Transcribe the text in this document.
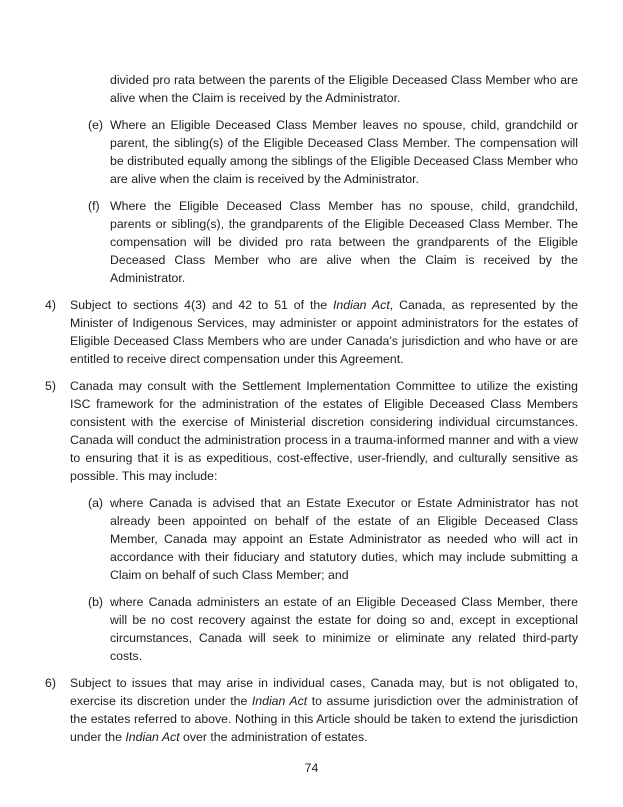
divided pro rata between the parents of the Eligible Deceased Class Member who are alive when the Claim is received by the Administrator.

(e) Where an Eligible Deceased Class Member leaves no spouse, child, grandchild or parent, the sibling(s) of the Eligible Deceased Class Member. The compensation will be distributed equally among the siblings of the Eligible Deceased Class Member who are alive when the claim is received by the Administrator.

(f) Where the Eligible Deceased Class Member has no spouse, child, grandchild, parents or sibling(s), the grandparents of the Eligible Deceased Class Member. The compensation will be divided pro rata between the grandparents of the Eligible Deceased Class Member who are alive when the Claim is received by the Administrator.

4)	Subject to sections 4(3) and 42 to 51 of the Indian Act, Canada, as represented by the Minister of Indigenous Services, may administer or appoint administrators for the estates of Eligible Deceased Class Members who are under Canada’s jurisdiction and who have or are entitled to receive direct compensation under this Agreement.

5)	Canada may consult with the Settlement Implementation Committee to utilize the existing ISC framework for the administration of the estates of Eligible Deceased Class Members consistent with the exercise of Ministerial discretion considering individual circumstances. Canada will conduct the administration process in a trauma-informed manner and with a view to ensuring that it is as expeditious, cost-effective, user-friendly, and culturally sensitive as possible. This may include:

(a) where Canada is advised that an Estate Executor or Estate Administrator has not already been appointed on behalf of the estate of an Eligible Deceased Class Member, Canada may appoint an Estate Administrator as needed who will act in accordance with their fiduciary and statutory duties, which may include submitting a Claim on behalf of such Class Member; and

(b) where Canada administers an estate of an Eligible Deceased Class Member, there will be no cost recovery against the estate for doing so and, except in exceptional circumstances, Canada will seek to minimize or eliminate any related third-party costs.

6)	Subject to issues that may arise in individual cases, Canada may, but is not obligated to, exercise its discretion under the Indian Act to assume jurisdiction over the administration of the estates referred to above. Nothing in this Article should be taken to extend the jurisdiction under the Indian Act over the administration of estates.

74
